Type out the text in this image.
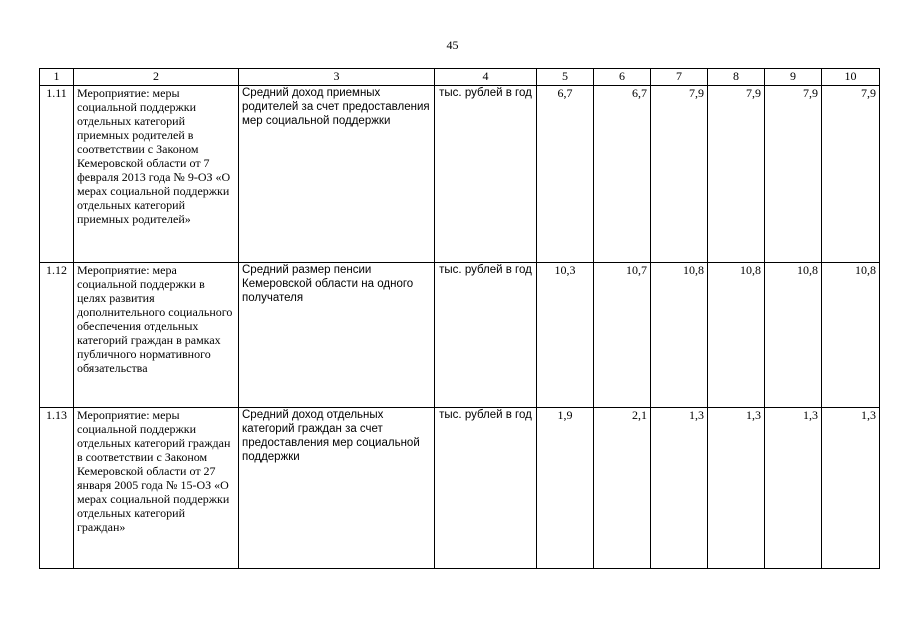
45
1	2	3	4	5	6	7	8	9	10
1.11	Мероприятие: меры социальной поддержки отдельных категорий приемных родителей в соответствии с Законом Кемеровской области от 7 февраля 2013 года № 9-ОЗ «О мерах социальной поддержки отдельных категорий приемных родителей»	Средний доход приемных родителей за счет предоставления мер социальной поддержки	тыс. рублей в год	6,7	6,7	7,9	7,9	7,9	7,9
1.12	Мероприятие: мера социальной поддержки в целях развития дополнительного социального обеспечения отдельных категорий граждан в рамках публичного нормативного обязательства	Средний размер пенсии Кемеровской области на одного получателя	тыс. рублей в год	10,3	10,7	10,8	10,8	10,8	10,8
1.13	Мероприятие: меры социальной поддержки отдельных категорий граждан в соответствии с Законом Кемеровской области от 27 января 2005 года № 15-ОЗ «О мерах социальной поддержки отдельных категорий граждан»	Средний доход отдельных категорий граждан за счет предоставления мер социальной поддержки	тыс. рублей в год	1,9	2,1	1,3	1,3	1,3	1,3
